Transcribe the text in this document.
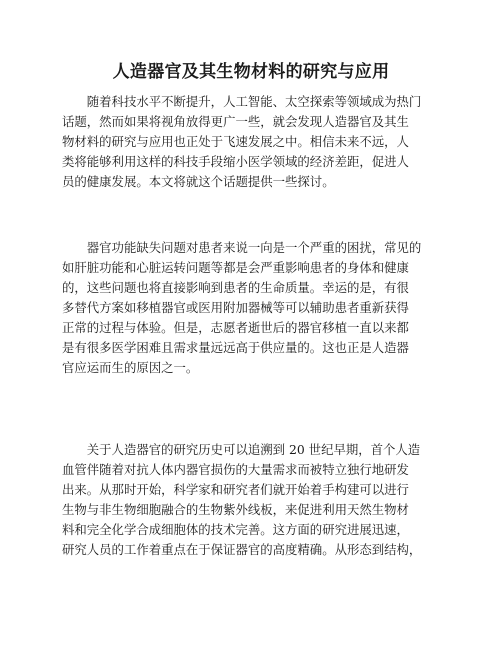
人造器官及其生物材料的研究与应用
　　随着科技水平不断提升，人工智能、太空探索等领域成为热门
话题，然而如果将视角放得更广一些，就会发现人造器官及其生
物材料的研究与应用也正处于飞速发展之中。相信未来不远，人
类将能够利用这样的科技手段缩小医学领域的经济差距，促进人
员的健康发展。本文将就这个话题提供一些探讨。
　　器官功能缺失问题对患者来说一向是一个严重的困扰，常见的
如肝脏功能和心脏运转问题等都是会严重影响患者的身体和健康
的，这些问题也将直接影响到患者的生命质量。幸运的是，有很
多替代方案如移植器官或医用附加器械等可以辅助患者重新获得
正常的过程与体验。但是，志愿者逝世后的器官移植一直以来都
是有很多医学困难且需求量远远高于供应量的。这也正是人造器
官应运而生的原因之一。
　　关于人造器官的研究历史可以追溯到 20 世纪早期，首个人造
血管伴随着对抗人体内器官损伤的大量需求而被特立独行地研发
出来。从那时开始，科学家和研究者们就开始着手构建可以进行
生物与非生物细胞融合的生物紫外线板，来促进利用天然生物材
料和完全化学合成细胞体的技术完善。这方面的研究进展迅速，
研究人员的工作着重点在于保证器官的高度精确。从形态到结构，
